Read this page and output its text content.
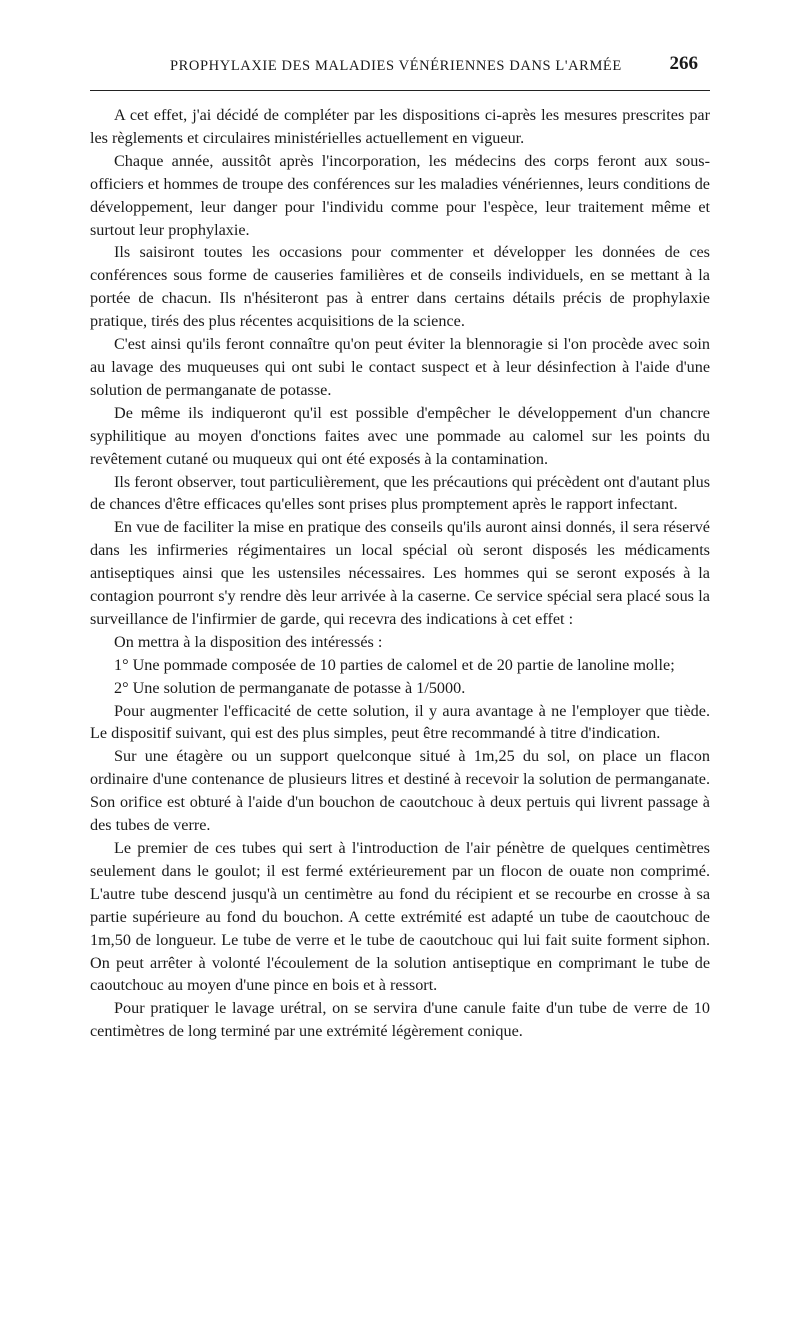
PROPHYLAXIE DES MALADIES VÉNÉRIENNES DANS L'ARMÉE	266

A cet effet, j'ai décidé de compléter par les dispositions ci-après les mesures prescrites par les règlements et circulaires ministérielles actuellement en vigueur.

Chaque année, aussitôt après l'incorporation, les médecins des corps feront aux sous-officiers et hommes de troupe des conférences sur les maladies vénériennes, leurs conditions de développement, leur danger pour l'individu comme pour l'espèce, leur traitement même et surtout leur prophylaxie.

Ils saisiront toutes les occasions pour commenter et développer les données de ces conférences sous forme de causeries familières et de conseils individuels, en se mettant à la portée de chacun. Ils n'hésiteront pas à entrer dans certains détails précis de prophylaxie pratique, tirés des plus récentes acquisitions de la science.

C'est ainsi qu'ils feront connaître qu'on peut éviter la blennoragie si l'on procède avec soin au lavage des muqueuses qui ont subi le contact suspect et à leur désinfection à l'aide d'une solution de permanganate de potasse.

De même ils indiqueront qu'il est possible d'empêcher le développement d'un chancre syphilitique au moyen d'onctions faites avec une pommade au calomel sur les points du revêtement cutané ou muqueux qui ont été exposés à la contamination.

Ils feront observer, tout particulièrement, que les précautions qui précèdent ont d'autant plus de chances d'être efficaces qu'elles sont prises plus promptement après le rapport infectant.

En vue de faciliter la mise en pratique des conseils qu'ils auront ainsi donnés, il sera réservé dans les infirmeries régimentaires un local spécial où seront disposés les médicaments antiseptiques ainsi que les ustensiles nécessaires. Les hommes qui se seront exposés à la contagion pourront s'y rendre dès leur arrivée à la caserne. Ce service spécial sera placé sous la surveillance de l'infirmier de garde, qui recevra des indications à cet effet :

On mettra à la disposition des intéressés :

1° Une pommade composée de 10 parties de calomel et de 20 partie de lanoline molle;

2° Une solution de permanganate de potasse à 1/5000.

Pour augmenter l'efficacité de cette solution, il y aura avantage à ne l'employer que tiède. Le dispositif suivant, qui est des plus simples, peut être recommandé à titre d'indication.

Sur une étagère ou un support quelconque situé à 1m,25 du sol, on place un flacon ordinaire d'une contenance de plusieurs litres et destiné à recevoir la solution de permanganate. Son orifice est obturé à l'aide d'un bouchon de caoutchouc à deux pertuis qui livrent passage à des tubes de verre.

Le premier de ces tubes qui sert à l'introduction de l'air pénètre de quelques centimètres seulement dans le goulot; il est fermé extérieurement par un flocon de ouate non comprimé. L'autre tube descend jusqu'à un centimètre au fond du récipient et se recourbe en crosse à sa partie supérieure au fond du bouchon. A cette extrémité est adapté un tube de caoutchouc de 1m,50 de longueur. Le tube de verre et le tube de caoutchouc qui lui fait suite forment siphon. On peut arrêter à volonté l'écoulement de la solution antiseptique en comprimant le tube de caoutchouc au moyen d'une pince en bois et à ressort.

Pour pratiquer le lavage urétral, on se servira d'une canule faite d'un tube de verre de 10 centimètres de long terminé par une extrémité légèrement conique.
